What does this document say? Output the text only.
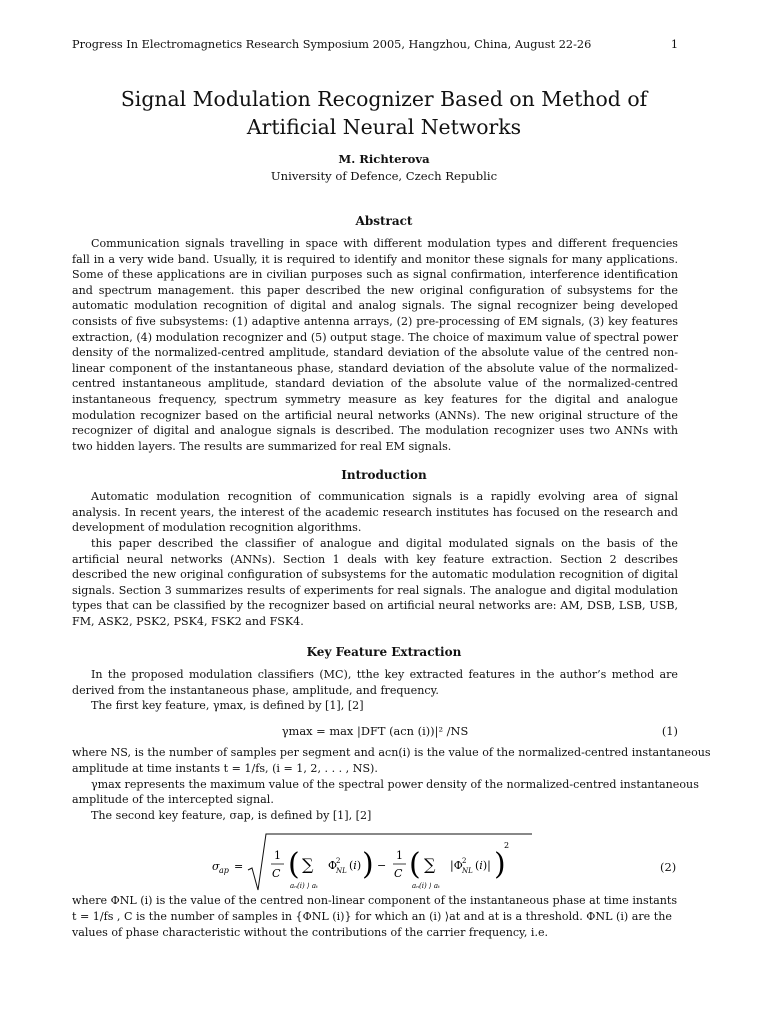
Progress In Electromagnetics Research Symposium 2005, Hangzhou, China, August 22-26	1
Signal Modulation Recognizer Based on Method of
Artificial Neural Networks
M. Richterova
University of Defence, Czech Republic
Abstract

Communication signals travelling in space with different modulation types and different frequencies fall in a very wide band. Usually, it is required to identify and monitor these signals for many applications. Some of these applications are in civilian purposes such as signal confirmation, interference identification and spectrum management. this paper described the new original configuration of subsystems for the automatic modulation recognition of digital and analog signals. The signal recognizer being developed consists of five subsystems: (1) adaptive antenna arrays, (2) pre-processing of EM signals, (3) key features extraction, (4) modulation recognizer and (5) output stage. The choice of maximum value of spectral power density of the normalized-centred amplitude, standard deviation of the absolute value of the centred non-linear component of the instantaneous phase, standard deviation of the absolute value of the normalized-centred instantaneous amplitude, standard deviation of the absolute value of the normalized-centred instantaneous frequency, spectrum symmetry measure as key features for the digital and analogue modulation recognizer based on the artificial neural networks (ANNs). The new original structure of the recognizer of digital and analogue signals is described. The modulation recognizer uses two ANNs with two hidden layers. The results are summarized for real EM signals.

Introduction

Automatic modulation recognition of communication signals is a rapidly evolving area of signal analysis. In recent years, the interest of the academic research institutes has focused on the research and development of modulation recognition algorithms.

this paper described the classifier of analogue and digital modulated signals on the basis of the artificial neural networks (ANNs). Section 1 deals with key feature extraction. Section 2 describes described the new original configuration of subsystems for the automatic modulation recognition of digital signals. Section 3 summarizes results of experiments for real signals. The analogue and digital modulation types that can be classified by the recognizer based on artificial neural networks are: AM, DSB, LSB, USB, FM, ASK2, PSK2, PSK4, FSK2 and FSK4.

Key Feature Extraction

In the proposed modulation classifiers (MC), tthe key extracted features in the author’s method are derived from the instantaneous phase, amplitude, and frequency.

The first key feature, γmax, is defined by [1], [2]
γmax = max |DFT (acn (i))|² /NS	(1)
where NS, is the number of samples per segment and acn(i) is the value of the normalized-centred instantaneous
amplitude at time instants t = 1/fs, (i = 1, 2, . . . , NS).
γmax represents the maximum value of the spectral power density of the normalized-centred instantaneous
amplitude of the intercepted signal.
The second key feature, σap, is defined by [1], [2]
σ ap =
1
C ( ∑
aₙ(i) ⟩ aₜ
Φ
2
NL (i) ) −
1
C ( ∑
aₙ(i) ⟩ aₜ
|Φ 2
NL (i)| )
2
(2)
where ΦNL (i) is the value of the centred non-linear component of the instantaneous phase at time instants
t = 1/fs , C is the number of samples in {ΦNL (i)} for which an (i) ⟩at and at is a threshold. ΦNL (i) are the
values of phase characteristic without the contributions of the carrier frequency, i.e.
